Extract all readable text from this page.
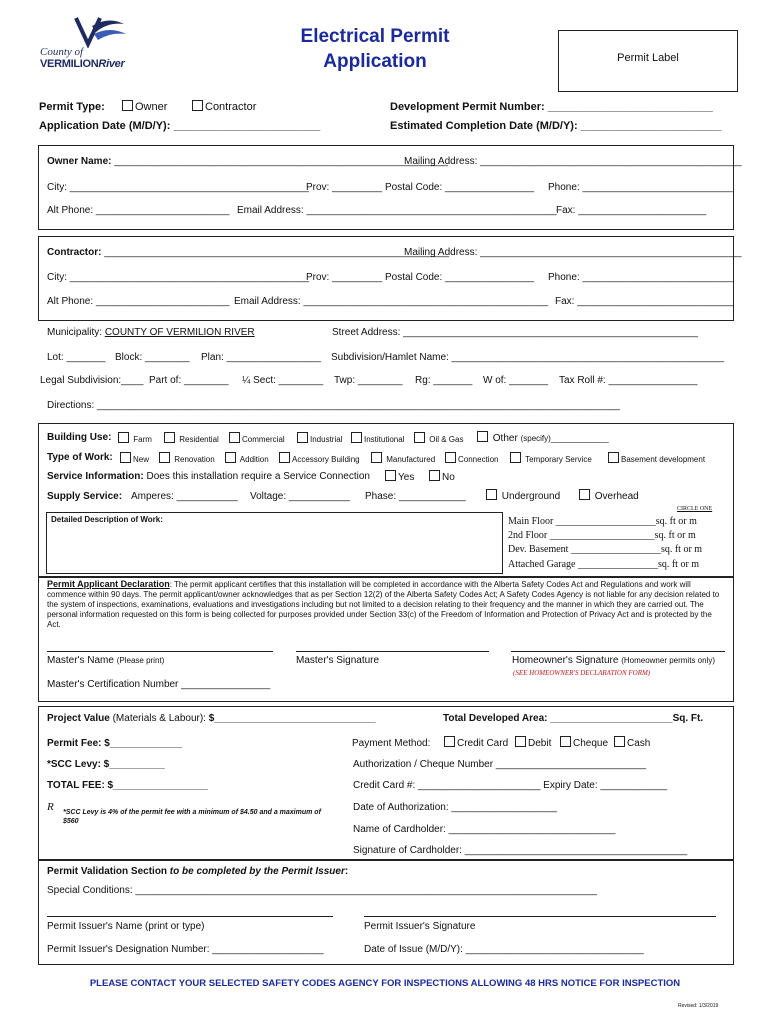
County of
VERMILIONRiver
Electrical Permit
Application	Permit Label
Permit Type:	Owner	Contractor
Application Date (M/D/Y): ________________________
Development Permit Number: ___________________________
Estimated Completion Date (M/D/Y): _______________________
Owner Name: ____________________________________________________________
Mailing Address: _______________________________________________
City: ___________________________________________
Prov: _________ Postal Code: ________________ Phone: ___________________________
Alt Phone: ________________________ Email Address: _____________________________________________ Fax: _______________________
Contractor: ______________________________________________________________
Mailing Address: _______________________________________________
City: ___________________________________________
Prov: _________ Postal Code: ________________ Phone: ___________________________
Alt Phone: ________________________ Email Address: ____________________________________________ Fax: ____________________________
Municipality: COUNTY OF VERMILION RIVER	Street Address: _____________________________________________________
Lot: _______ Block: ________ Plan: _________________ Subdivision/Hamlet Name: _________________________________________________
Legal Subdivision:____ Part of: ________ ¼ Sect: ________ Twp: ________ Rg: _______ W of: _______ Tax Roll #: ________________
Directions: ______________________________________________________________________________________________
Building Use:	Farm	Residential	Commercial	Industrial	Institutional	Oil & Gas	Other (specify)_____________
Type of Work:	New	Renovation	Addition	Accessory Building	Manufactured	Connection	Temporary Service	Basement development
Service Information: Does this installation require a Service Connection	Yes	No
Supply Service: Amperes: ___________ Voltage: ___________ Phase: ____________	Underground	Overhead
Detailed Description of Work:
CIRCLE ONE
Main Floor ____________________sq. ft or m
2nd Floor _____________________sq. ft or m
Dev. Basement __________________sq. ft or m
Attached Garage ________________sq. ft or m
Permit Applicant Declaration: The permit applicant certifies that this installation will be completed in accordance with the Alberta Safety Codes Act and Regulations and work will commence within 90 days. The permit applicant/owner acknowledges that as per Section 12(2) of the Alberta Safety Codes Act; A Safety Codes Agency is not liable for any decision related to the system of inspections, examinations, evaluations and investigations including but not limited to a decision relating to their frequency and the manner in which they are carried out. The personal information requested on this form is being collected for purposes provided under Section 33(c) of the Freedom of Information and Protection of Privacy Act and is protected by the Act.
Master's Name (Please print)	Master's Signature	Homeowner's Signature (Homeowner permits only)
(SEE HOMEOWNER'S DECLARATION FORM)
Master's Certification Number ________________
Project Value (Materials & Labour): $_____________________________	Total Developed Area: ______________________Sq. Ft.
Permit Fee: $_____________	Payment Method:	Credit Card	Debit	Cheque	Cash
*SCC Levy: $__________	Authorization / Cheque Number ___________________________
TOTAL FEE: $_________________	Credit Card #: ______________________ Expiry Date: ____________
R *SCC Levy is 4% of the permit fee with a minimum of $4.50 and a maximum of $560
Date of Authorization: ___________________
Name of Cardholder: ______________________________
Signature of Cardholder: ________________________________________
Permit Validation Section to be completed by the Permit Issuer:
Special Conditions: ___________________________________________________________________________________
Permit Issuer's Name (print or type)	Permit Issuer's Signature
Permit Issuer's Designation Number: ____________________	Date of Issue (M/D/Y): ________________________________
PLEASE CONTACT YOUR SELECTED SAFETY CODES AGENCY FOR INSPECTIONS ALLOWING 48 HRS NOTICE FOR INSPECTION
Revised: 1/3/2019
